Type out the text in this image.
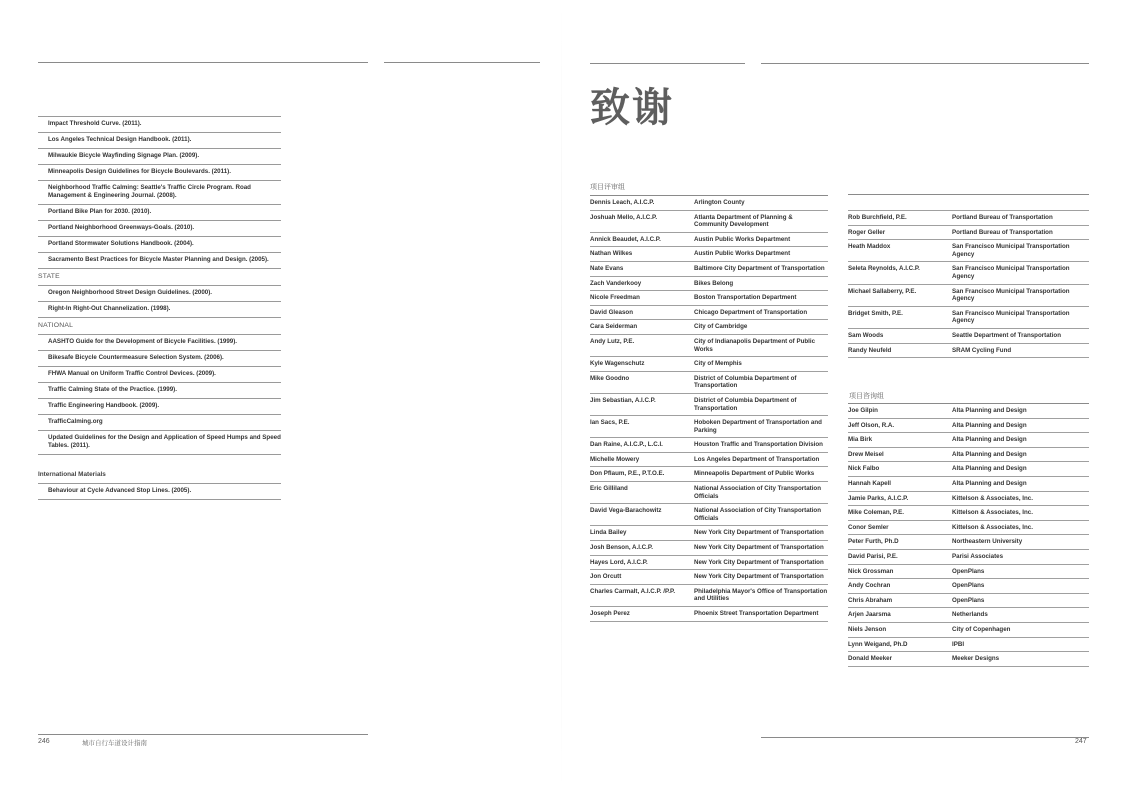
Impact Threshold Curve. (2011).
Los Angeles Technical Design Handbook. (2011).
Milwaukie Bicycle Wayfinding Signage Plan. (2009).
Minneapolis Design Guidelines for Bicycle Boulevards. (2011).
Neighborhood Traffic Calming: Seattle's Traffic Circle Program. Road Management & Engineering Journal. (2008).
Portland Bike Plan for 2030. (2010).
Portland Neighborhood Greenways-Goals. (2010).
Portland Stormwater Solutions Handbook. (2004).
Sacramento Best Practices for Bicycle Master Planning and Design. (2005).
STATE
Oregon Neighborhood Street Design Guidelines. (2000).
Right-In Right-Out Channelization. (1998).
NATIONAL
AASHTO Guide for the Development of Bicycle Facilities. (1999).
Bikesafe Bicycle Countermeasure Selection System. (2006).
FHWA Manual on Uniform Traffic Control Devices. (2009).
Traffic Calming State of the Practice. (1999).
Traffic Engineering Handbook. (2009).
TrafficCalming.org
Updated Guidelines for the Design and Application of Speed Humps and Speed Tables. (2011).
International Materials
Behaviour at Cycle Advanced Stop Lines. (2005).
致谢
项目评审组
Dennis Leach, A.I.C.P.	Arlington County
Joshuah Mello, A.I.C.P.	Atlanta Department of Planning & Community Development
Annick Beaudet, A.I.C.P.	Austin Public Works Department
Nathan Wilkes	Austin Public Works Department
Nate Evans	Baltimore City Department of Transportation
Zach Vanderkooy	Bikes Belong
Nicole Freedman	Boston Transportation Department
David Gleason	Chicago Department of Transportation
Cara Seiderman	City of Cambridge
Andy Lutz, P.E.	City of Indianapolis Department of Public Works
Kyle Wagenschutz	City of Memphis
Mike Goodno	District of Columbia Department of Transportation
Jim Sebastian, A.I.C.P.	District of Columbia Department of Transportation
Ian Sacs, P.E.	Hoboken Department of Transportation and Parking
Dan Raine, A.I.C.P., L.C.I.	Houston Traffic and Transportation Division
Michelle Mowery	Los Angeles Department of Transportation
Don Pflaum, P.E., P.T.O.E.	Minneapolis Department of Public Works
Eric Gilliland	National Association of City Transportation Officials
David Vega-Barachowitz	National Association of City Transportation Officials
Linda Bailey	New York City Department of Transportation
Josh Benson, A.I.C.P.	New York City Department of Transportation
Hayes Lord, A.I.C.P.	New York City Department of Transportation
Jon Orcutt	New York City Department of Transportation
Charles Carmalt, A.I.C.P. /P.P.	Philadelphia Mayor's Office of Transportation and Utilities
Joseph Perez	Phoenix Street Transportation Department
Rob Burchfield, P.E.	Portland Bureau of Transportation
Roger Geller	Portland Bureau of Transportation
Heath Maddox	San Francisco Municipal Transportation Agency
Seleta Reynolds, A.I.C.P.	San Francisco Municipal Transportation Agency
Michael Sallaberry, P.E.	San Francisco Municipal Transportation Agency
Bridget Smith, P.E.	San Francisco Municipal Transportation Agency
Sam Woods	Seattle Department of Transportation
Randy Neufeld	SRAM Cycling Fund
项目咨询组
Joe Gilpin	Alta Planning and Design
Jeff Olson, R.A.	Alta Planning and Design
Mia Birk	Alta Planning and Design
Drew Meisel	Alta Planning and Design
Nick Falbo	Alta Planning and Design
Hannah Kapell	Alta Planning and Design
Jamie Parks, A.I.C.P.	Kittelson & Associates, Inc.
Mike Coleman, P.E.	Kittelson & Associates, Inc.
Conor Semler	Kittelson & Associates, Inc.
Peter Furth, Ph.D	Northeastern University
David Parisi, P.E.	Parisi Associates
Nick Grossman	OpenPlans
Andy Cochran	OpenPlans
Chris Abraham	OpenPlans
Arjen Jaarsma	Netherlands
Niels Jenson	City of Copenhagen
Lynn Weigand, Ph.D	IPBI
Donald Meeker	Meeker Designs
246	城市自行车道设计指南	247
